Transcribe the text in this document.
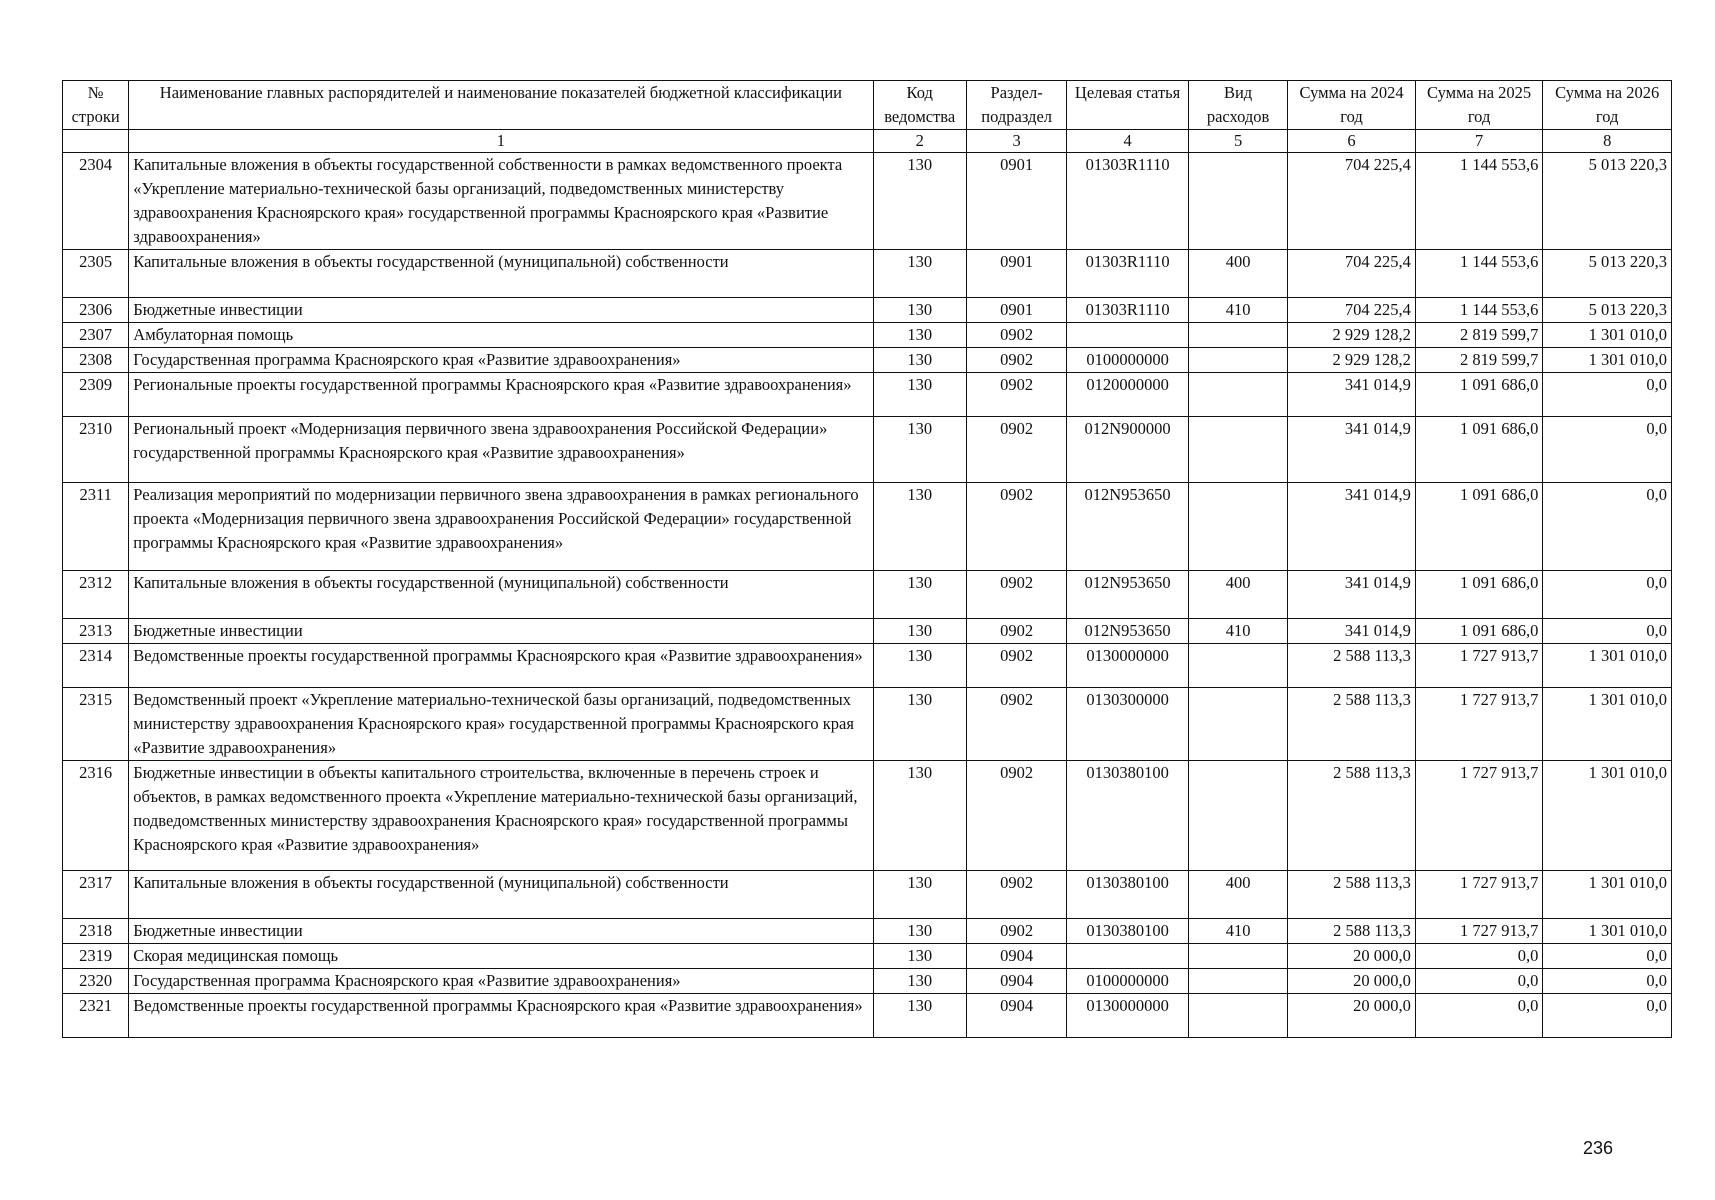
№ строки	Наименование главных распорядителей и наименование показателей бюджетной классификации	Код ведомства	Раздел-подраздел	Целевая статья	Вид расходов	Сумма на 2024 год	Сумма на 2025 год	Сумма на 2026 год
	1	2	3	4	5	6	7	8
2304	Капитальные вложения в объекты государственной собственности в рамках ведомственного проекта «Укрепление материально-технической базы организаций, подведомственных министерству здравоохранения Красноярского края» государственной программы Красноярского края «Развитие здравоохранения»	130	0901	01303R1110		704 225,4	1 144 553,6	5 013 220,3
2305	Капитальные вложения в объекты государственной (муниципальной) собственности	130	0901	01303R1110	400	704 225,4	1 144 553,6	5 013 220,3
2306	Бюджетные инвестиции	130	0901	01303R1110	410	704 225,4	1 144 553,6	5 013 220,3
2307	Амбулаторная помощь	130	0902			2 929 128,2	2 819 599,7	1 301 010,0
2308	Государственная программа Красноярского края «Развитие здравоохранения»	130	0902	0100000000		2 929 128,2	2 819 599,7	1 301 010,0
2309	Региональные проекты государственной программы Красноярского края «Развитие здравоохранения»	130	0902	0120000000		341 014,9	1 091 686,0	0,0
2310	Региональный проект «Модернизация первичного звена здравоохранения Российской Федерации» государственной программы Красноярского края «Развитие здравоохранения»	130	0902	012N900000		341 014,9	1 091 686,0	0,0
2311	Реализация мероприятий по модернизации первичного звена здравоохранения в рамках регионального проекта «Модернизация первичного звена здравоохранения Российской Федерации» государственной программы Красноярского края «Развитие здравоохранения»	130	0902	012N953650		341 014,9	1 091 686,0	0,0
2312	Капитальные вложения в объекты государственной (муниципальной) собственности	130	0902	012N953650	400	341 014,9	1 091 686,0	0,0
2313	Бюджетные инвестиции	130	0902	012N953650	410	341 014,9	1 091 686,0	0,0
2314	Ведомственные проекты государственной программы Красноярского края «Развитие здравоохранения»	130	0902	0130000000		2 588 113,3	1 727 913,7	1 301 010,0
2315	Ведомственный проект «Укрепление материально-технической базы организаций, подведомственных министерству здравоохранения Красноярского края» государственной программы Красноярского края «Развитие здравоохранения»	130	0902	0130300000		2 588 113,3	1 727 913,7	1 301 010,0
2316	Бюджетные инвестиции в объекты капитального строительства, включенные в перечень строек и объектов, в рамках ведомственного проекта «Укрепление материально-технической базы организаций, подведомственных министерству здравоохранения Красноярского края» государственной программы Красноярского края «Развитие здравоохранения»	130	0902	0130380100		2 588 113,3	1 727 913,7	1 301 010,0
2317	Капитальные вложения в объекты государственной (муниципальной) собственности	130	0902	0130380100	400	2 588 113,3	1 727 913,7	1 301 010,0
2318	Бюджетные инвестиции	130	0902	0130380100	410	2 588 113,3	1 727 913,7	1 301 010,0
2319	Скорая медицинская помощь	130	0904			20 000,0	0,0	0,0
2320	Государственная программа Красноярского края «Развитие здравоохранения»	130	0904	0100000000		20 000,0	0,0	0,0
2321	Ведомственные проекты государственной программы Красноярского края «Развитие здравоохранения»	130	0904	0130000000		20 000,0	0,0	0,0
236
